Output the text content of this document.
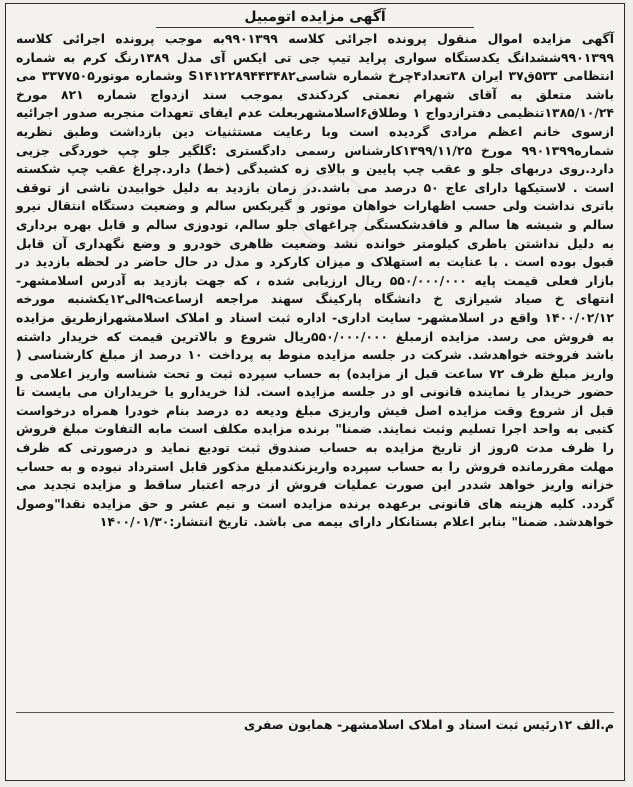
آگهی مزایده اتومبیل

آگهی مزایده اموال منقول پرونده اجرائی کلاسه ۹۹۰۱۳۹۹به موجب پرونده اجرائی کلاسه ۹۹۰۱۳۹۹ششدانگ یکدستگاه سواری پراید تیپ جی تی ایکس آی مدل ۱۳۸۹رنگ کرم به شماره انتظامی ۵۳۳ق۳۷ ایران ۳۸تعداد۴چرخ شماره شاسیS۱۴۱۲۲۸۹۴۴۳۴۸۲ وشماره موتور۳۳۷۷۵۰۵ می باشد متعلق به آقای شهرام نعمتی کردکندی بموجب سند ازدواج شماره ۸۲۱ مورخ ۱۳۸۵/۱۰/۲۴تنظیمی دفترازدواج ۱ وطلاق۶اسلامشهربعلت عدم ایفای تعهدات منجربه صدور اجرائیه ازسوی خانم اعظم مرادی گردیده است وبا رعایت مستثنیات دین بازداشت وطبق نظریه شماره۹۹۰۱۳۹۹ مورخ ۱۳۹۹/۱۱/۲۵کارشناس رسمی دادگستری :گلگیر جلو چپ خوردگی جزیی دارد.روی دربهای جلو و عقب چپ پایین و بالای زه کشیدگی (خط) دارد.چراغ عقب چپ شکسته است . لاستیکها دارای عاج ۵۰ درصد می باشد.در زمان بازدید به دلیل خوابیدن ناشی از توقف باتری نداشت ولی حسب اظهارات خواهان موتور و گیربکس سالم و وضعیت دستگاه انتقال نیرو سالم و شیشه ها سالم و فاقدشکستگی چراغهای جلو سالم، تودوزی سالم و قابل بهره برداری به دلیل نداشتن باطری کیلومتر خوانده نشد وضعیت ظاهری خودرو و وضع نگهداری آن قابل قبول بوده است . با عنایت به استهلاک و میزان کارکرد و مدل در حال حاضر در لحظه بازدید در بازار فعلی قیمت پایه ۵۵۰/۰۰۰/۰۰۰ ریال ارزیابی شده ، که جهت بازدید به آدرس اسلامشهر- انتهای خ صیاد شیرازی خ دانشگاه پارکینگ سهند مراجعه ازساعت۹الی۱۲یکشنبه مورخه ۱۴۰۰/۰۲/۱۲ واقع در اسلامشهر- سایت اداری- اداره ثبت اسناد و املاک اسلامشهرازطریق مزایده به فروش می رسد. مزایده ازمبلغ ۵۵۰/۰۰۰/۰۰۰ریال شروع و بالاترین قیمت که خریدار داشته باشد فروخته خواهدشد. شرکت در جلسه مزایده منوط به پرداخت ۱۰ درصد از مبلغ کارشناسی ( واریز مبلغ ظرف ۷۲ ساعت قبل از مزایده) به حساب سپرده ثبت و تحت شناسه واریز اعلامی و حضور خریدار یا نماینده قانونی او در جلسه مزایده است. لذا خریدارو یا خریداران می بایست تا قبل از شروع وقت مزایده اصل فیش واریزی مبلغ ودیعه ده درصد بنام خودرا همراه درخواست کتبی به واحد اجرا تسلیم وثبت نمایند. ضمنا" برنده مزایده مکلف است مابه التفاوت مبلغ فروش را ظرف مدت ۵روز از تاریخ مزایده به حساب صندوق ثبت تودیع نماید و درصورتی که ظرف مهلت مقررمانده فروش را به حساب سپرده واریزنکندمبلغ مذکور قابل استرداد نبوده و به حساب خزانه واریز خواهد شددر این صورت عملیات فروش از درجه اعتبار ساقط و مزایده تجدید می گردد. کلیه هزینه های قانونی برعهده برنده مزایده است و نیم عشر و حق مزایده نقدا"وصول خواهدشد. ضمنا" بنابر اعلام بستانکار دارای بیمه می باشد. تاریخ انتشار:۱۴۰۰/۰۱/۳۰

م.الف ۱۲رئیس ثبت اسناد و املاک اسلامشهر- همایون صفری
